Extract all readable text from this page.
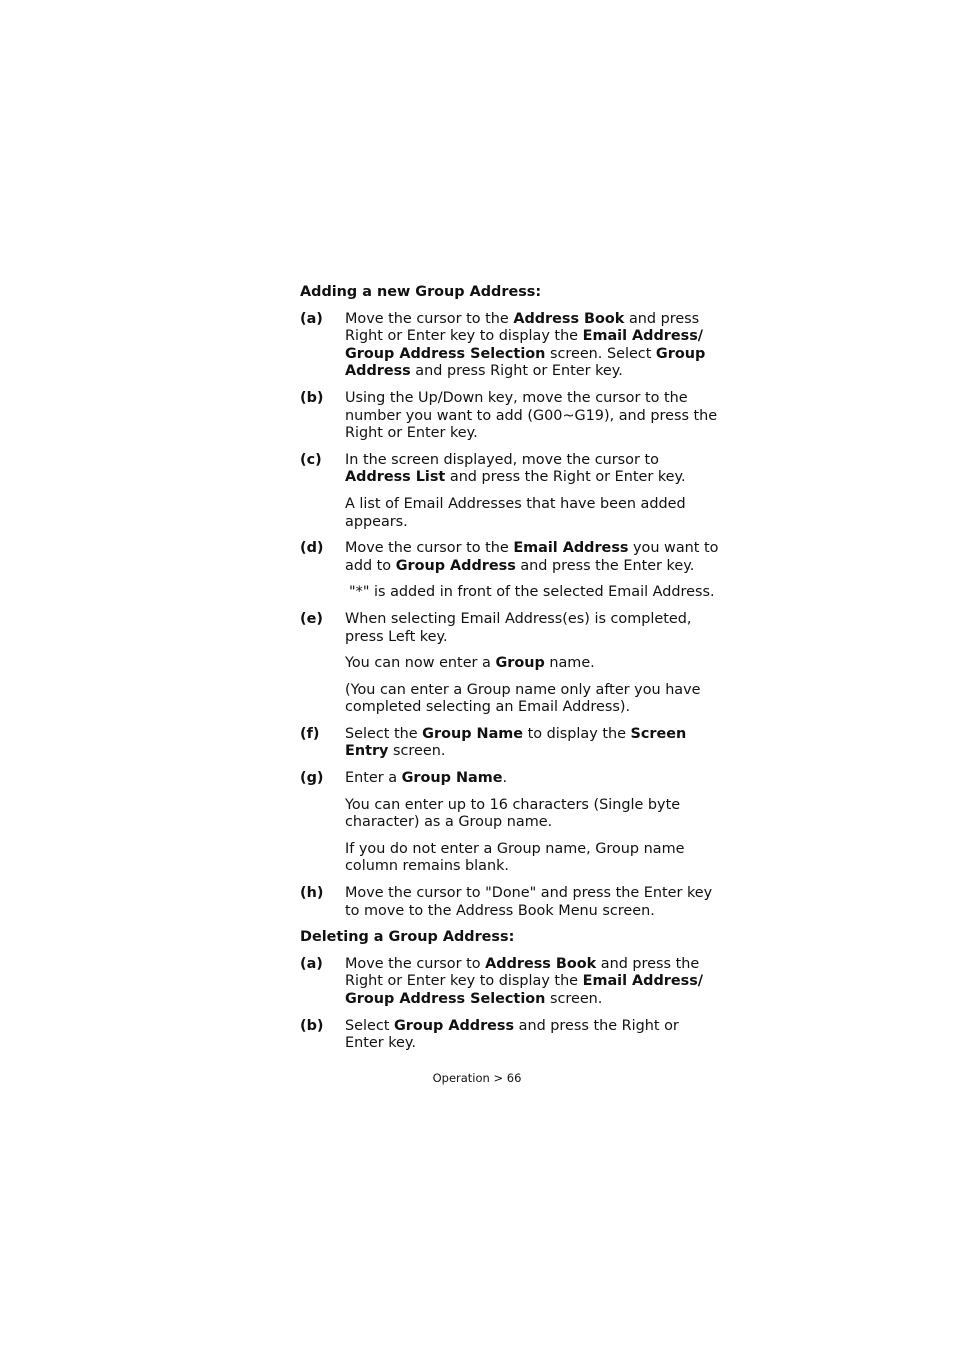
Adding a new Group Address:
(a)	Move the cursor to the Address Book and press Right or Enter key to display the Email Address/ Group Address Selection screen. Select Group Address and press Right or Enter key.
(b)	Using the Up/Down key, move the cursor to the number you want to add (G00~G19), and press the Right or Enter key.
(c)	In the screen displayed, move the cursor to Address List and press the Right or Enter key.
A list of Email Addresses that have been added appears.
(d)	Move the cursor to the Email Address you want to add to Group Address and press the Enter key.
"*" is added in front of the selected Email Address.
(e)	When selecting Email Address(es) is completed, press Left key.
You can now enter a Group name.
(You can enter a Group name only after you have completed selecting an Email Address).
(f)	Select the Group Name to display the Screen Entry screen.
(g)	Enter a Group Name.
You can enter up to 16 characters (Single byte character) as a Group name.
If you do not enter a Group name, Group name column remains blank.
(h)	Move the cursor to "Done" and press the Enter key to move to the Address Book Menu screen.
Deleting a Group Address:
(a)	Move the cursor to Address Book and press the Right or Enter key to display the Email Address/ Group Address Selection screen.
(b)	Select Group Address and press the Right or Enter key.
Operation > 66
